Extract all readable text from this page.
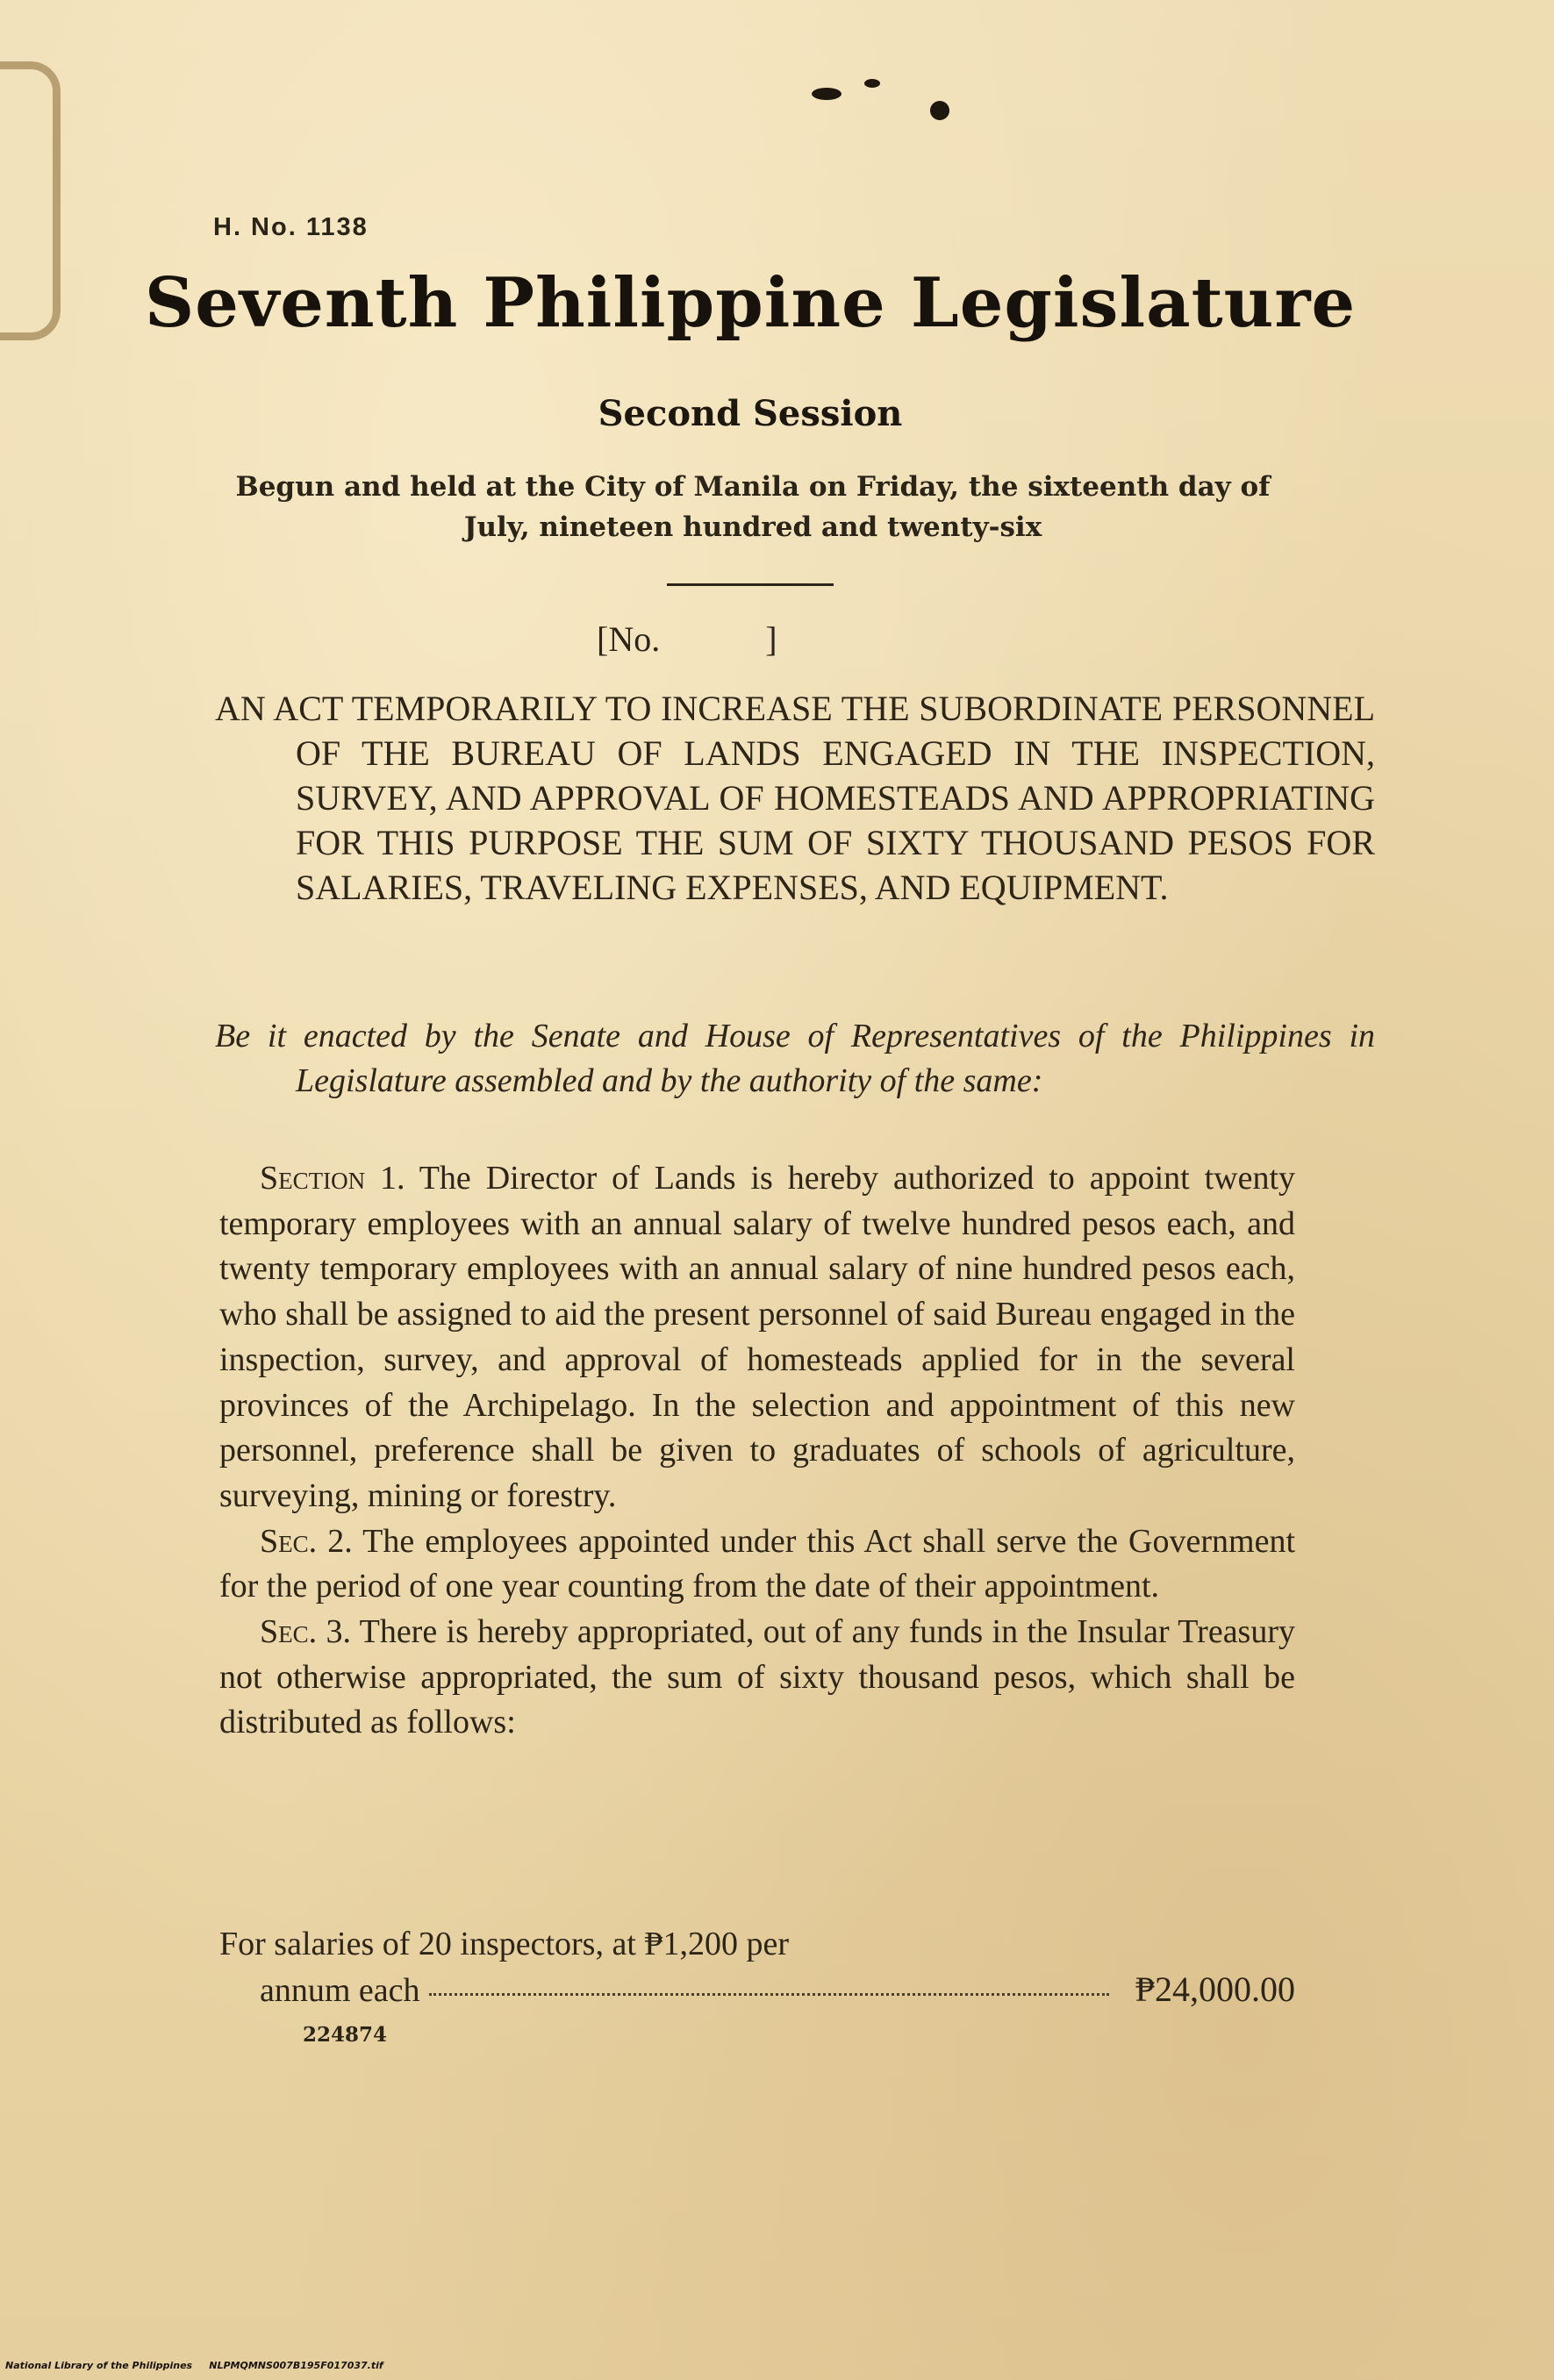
H. No. 1138
Seventh Philippine Legislature
Second Session
Begun and held at the City of Manila on Friday, the sixteenth day of July, nineteen hundred and twenty-six
[No.            ]
AN ACT TEMPORARILY TO INCREASE THE SUBORDINATE PERSONNEL OF THE BUREAU OF LANDS ENGAGED IN THE INSPECTION, SURVEY, AND APPROVAL OF HOMESTEADS AND APPROPRIATING FOR THIS PURPOSE THE SUM OF SIXTY THOUSAND PESOS FOR SALARIES, TRAVELING EXPENSES, AND EQUIPMENT.
Be it enacted by the Senate and House of Representatives of the Philippines in Legislature assembled and by the authority of the same:

Section 1. The Director of Lands is hereby authorized to appoint twenty temporary employees with an annual salary of twelve hundred pesos each, and twenty temporary employees with an annual salary of nine hundred pesos each, who shall be assigned to aid the present personnel of said Bureau engaged in the inspection, survey, and approval of homesteads applied for in the several provinces of the Archipelago. In the selection and appointment of this new personnel, preference shall be given to graduates of schools of agriculture, surveying, mining or forestry.

Sec. 2. The employees appointed under this Act shall serve the Government for the period of one year counting from the date of their appointment.

Sec. 3. There is hereby appropriated, out of any funds in the Insular Treasury not otherwise appropriated, the sum of sixty thousand pesos, which shall be distributed as follows:

For salaries of 20 inspectors, at ₱1,200 per
annum each	₱24,000.00
224874
National Library of the Philippines     NLPMQMNS007B195F017037.tif
